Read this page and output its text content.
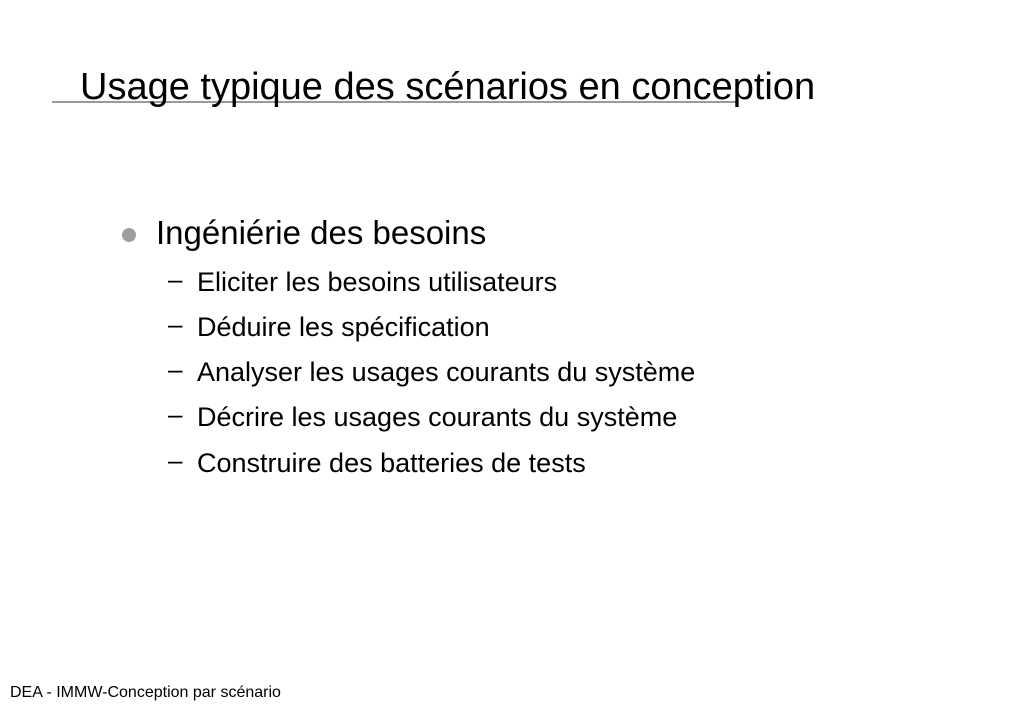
Usage typique des scénarios en conception
Ingéniérie des besoins
– Eliciter les besoins utilisateurs
– Déduire les spécification
– Analyser les usages courants du système
– Décrire les usages courants du système
– Construire des batteries de tests
DEA - IMMW-Conception par scénario
